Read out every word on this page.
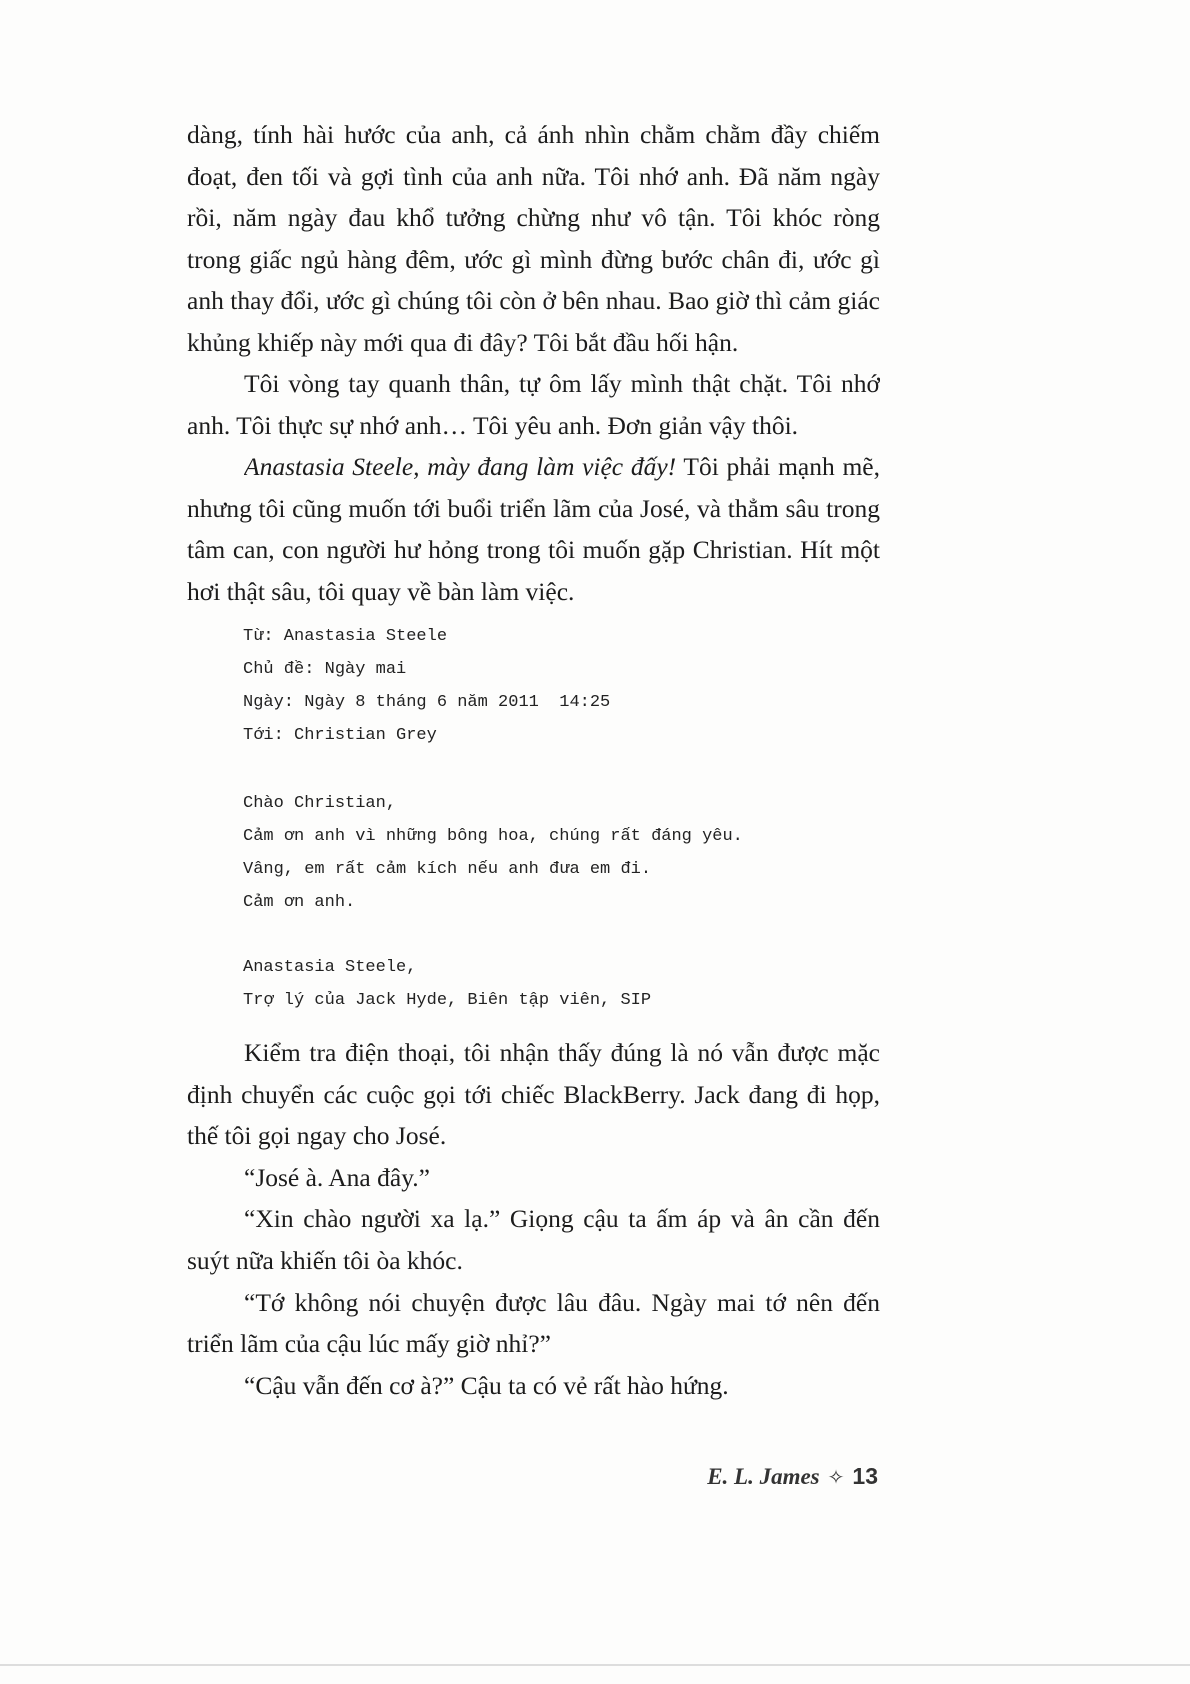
dàng, tính hài hước của anh, cả ánh nhìn chằm chằm đầy chiếm
đoạt, đen tối và gợi tình của anh nữa. Tôi nhớ anh. Đã năm ngày
rồi, năm ngày đau khổ tưởng chừng như vô tận. Tôi khóc ròng
trong giấc ngủ hàng đêm, ước gì mình đừng bước chân đi, ước gì
anh thay đổi, ước gì chúng tôi còn ở bên nhau. Bao giờ thì cảm giác
khủng khiếp này mới qua đi đây? Tôi bắt đầu hối hận.
Tôi vòng tay quanh thân, tự ôm lấy mình thật chặt. Tôi nhớ
anh. Tôi thực sự nhớ anh… Tôi yêu anh. Đơn giản vậy thôi.
Anastasia Steele, mày đang làm việc đấy! Tôi phải mạnh mẽ,
nhưng tôi cũng muốn tới buổi triển lãm của José, và thẳm sâu trong
tâm can, con người hư hỏng trong tôi muốn gặp Christian. Hít một
hơi thật sâu, tôi quay về bàn làm việc.
Từ: Anastasia Steele
Chủ đề: Ngày mai
Ngày: Ngày 8 tháng 6 năm 2011  14:25
Tới: Christian Grey
Chào Christian,
Cảm ơn anh vì những bông hoa, chúng rất đáng yêu.
Vâng, em rất cảm kích nếu anh đưa em đi.
Cảm ơn anh.
Anastasia Steele,
Trợ lý của Jack Hyde, Biên tập viên, SIP
Kiểm tra điện thoại, tôi nhận thấy đúng là nó vẫn được mặc
định chuyển các cuộc gọi tới chiếc BlackBerry. Jack đang đi họp,
thế tôi gọi ngay cho José.
“José à. Ana đây.”
“Xin chào người xa lạ.” Giọng cậu ta ấm áp và ân cần đến
suýt nữa khiến tôi òa khóc.
“Tớ không nói chuyện được lâu đâu. Ngày mai tớ nên đến
triển lãm của cậu lúc mấy giờ nhỉ?”
“Cậu vẫn đến cơ à?” Cậu ta có vẻ rất hào hứng.
E. L. James ✧ 13
